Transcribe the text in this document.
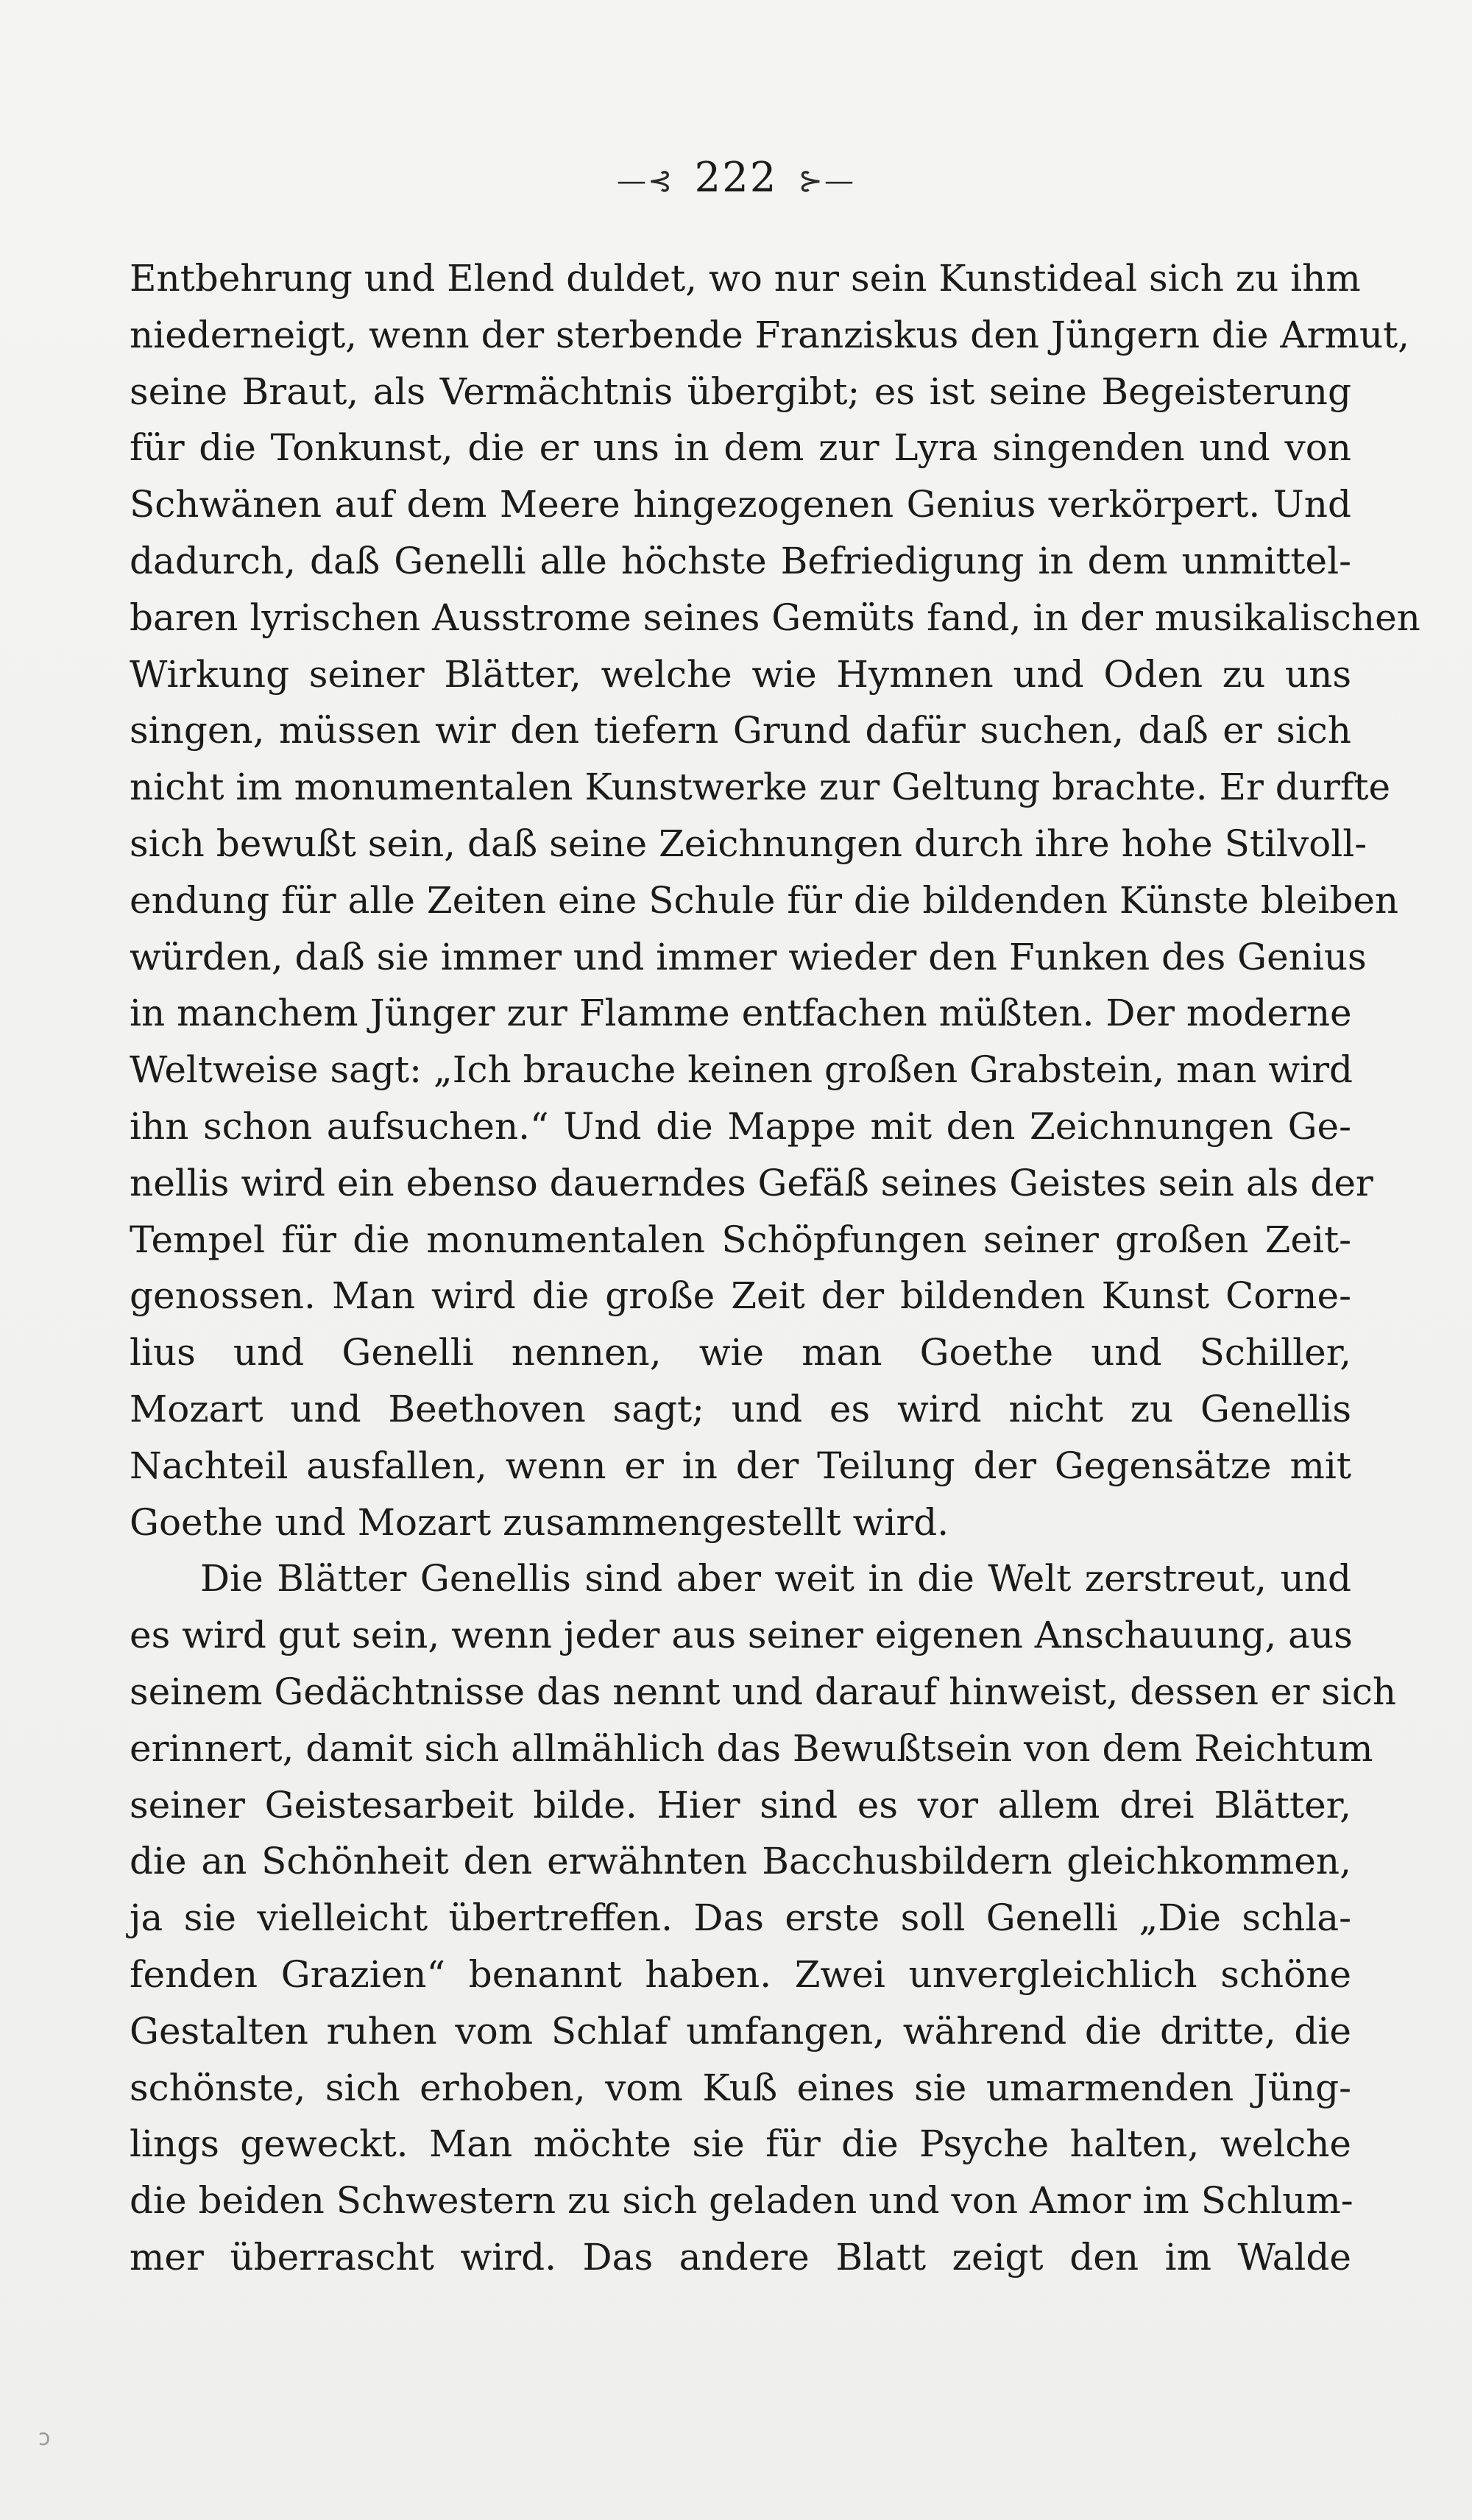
—⊰ 222 ⊱—
Entbehrung und Elend duldet, wo nur sein Kunstideal sich zu ihm
niederneigt, wenn der sterbende Franziskus den Jüngern die Armut,
seine Braut, als Vermächtnis übergibt; es ist seine Begeisterung
für die Tonkunst, die er uns in dem zur Lyra singenden und von
Schwänen auf dem Meere hingezogenen Genius verkörpert. Und
dadurch, daß Genelli alle höchste Befriedigung in dem unmittel-
baren lyrischen Ausstrome seines Gemüts fand, in der musikalischen
Wirkung seiner Blätter, welche wie Hymnen und Oden zu uns
singen, müssen wir den tiefern Grund dafür suchen, daß er sich
nicht im monumentalen Kunstwerke zur Geltung brachte. Er durfte
sich bewußt sein, daß seine Zeichnungen durch ihre hohe Stilvoll-
endung für alle Zeiten eine Schule für die bildenden Künste bleiben
würden, daß sie immer und immer wieder den Funken des Genius
in manchem Jünger zur Flamme entfachen müßten. Der moderne
Weltweise sagt: „Ich brauche keinen großen Grabstein, man wird
ihn schon aufsuchen.“ Und die Mappe mit den Zeichnungen Ge-
nellis wird ein ebenso dauerndes Gefäß seines Geistes sein als der
Tempel für die monumentalen Schöpfungen seiner großen Zeit-
genossen. Man wird die große Zeit der bildenden Kunst Corne-
lius und Genelli nennen, wie man Goethe und Schiller,
Mozart und Beethoven sagt; und es wird nicht zu Genellis
Nachteil ausfallen, wenn er in der Teilung der Gegensätze mit
Goethe und Mozart zusammengestellt wird.
Die Blätter Genellis sind aber weit in die Welt zerstreut, und
es wird gut sein, wenn jeder aus seiner eigenen Anschauung, aus
seinem Gedächtnisse das nennt und darauf hinweist, dessen er sich
erinnert, damit sich allmählich das Bewußtsein von dem Reichtum
seiner Geistesarbeit bilde. Hier sind es vor allem drei Blätter,
die an Schönheit den erwähnten Bacchusbildern gleichkommen,
ja sie vielleicht übertreffen. Das erste soll Genelli „Die schla-
fenden Grazien“ benannt haben. Zwei unvergleichlich schöne
Gestalten ruhen vom Schlaf umfangen, während die dritte, die
schönste, sich erhoben, vom Kuß eines sie umarmenden Jüng-
lings geweckt. Man möchte sie für die Psyche halten, welche
die beiden Schwestern zu sich geladen und von Amor im Schlum-
mer überrascht wird. Das andere Blatt zeigt den im Walde
ↄ
